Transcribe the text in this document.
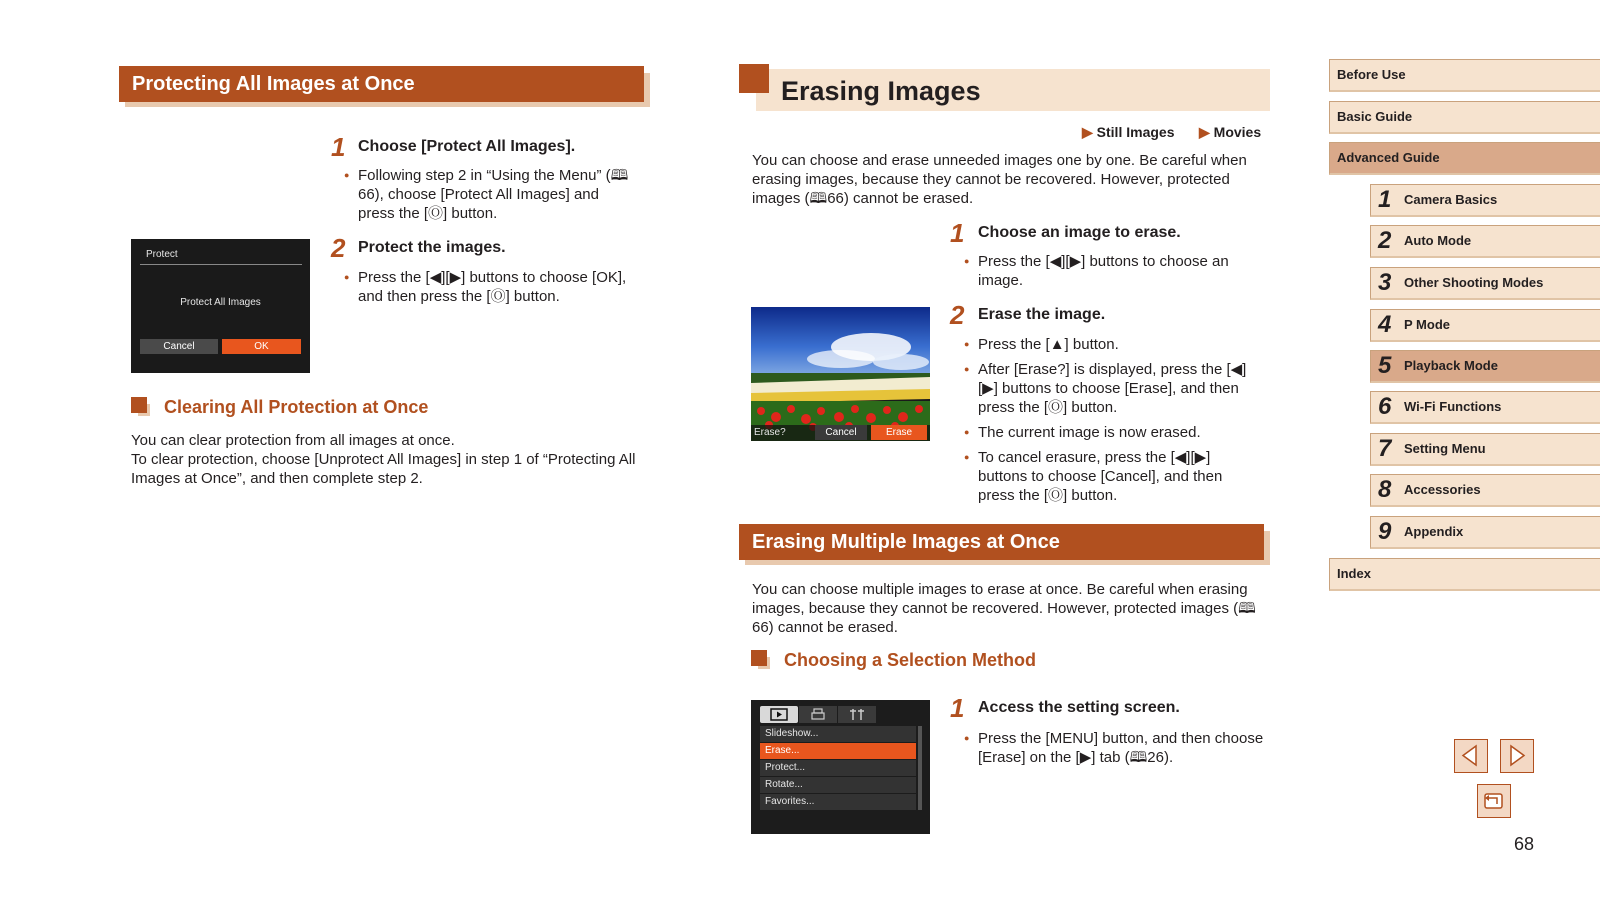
Protecting All Images at Once
1 Choose [Protect All Images].
● Following step 2 in “Using the Menu” (🕮66), choose [Protect All Images] and press the [Ⓞ] button.
2 Protect the images.
● Press the [◀][▶] buttons to choose [OK], and then press the [Ⓞ] button.
Protect
Protect All Images
Cancel	OK
Clearing All Protection at Once
You can clear protection from all images at once.
To clear protection, choose [Unprotect All Images] in step 1 of “Protecting All Images at Once”, and then complete step 2.
Erasing Images
▶ Still Images ▶ Movies
You can choose and erase unneeded images one by one. Be careful when erasing images, because they cannot be recovered. However, protected images (🕮66) cannot be erased.
1 Choose an image to erase.
● Press the [◀][▶] buttons to choose an image.
2 Erase the image.
● Press the [▲] button.
● After [Erase?] is displayed, press the [◀][▶] buttons to choose [Erase], and then press the [Ⓞ] button.
● The current image is now erased.
● To cancel erasure, press the [◀][▶] buttons to choose [Cancel], and then press the [Ⓞ] button.
Erase?	Cancel	Erase
Erasing Multiple Images at Once
You can choose multiple images to erase at once. Be careful when erasing images, because they cannot be recovered. However, protected images (🕮66) cannot be erased.
Choosing a Selection Method
Slideshow...
Erase...
Protect...
Rotate...
Favorites...
1 Access the setting screen.
● Press the [MENU] button, and then choose [Erase] on the [▶] tab (🕮26).
Before Use
Basic Guide
Advanced Guide
1 Camera Basics
2 Auto Mode
3 Other Shooting Modes
4 P Mode
5 Playback Mode
6 Wi-Fi Functions
7 Setting Menu
8 Accessories
9 Appendix
Index
68
